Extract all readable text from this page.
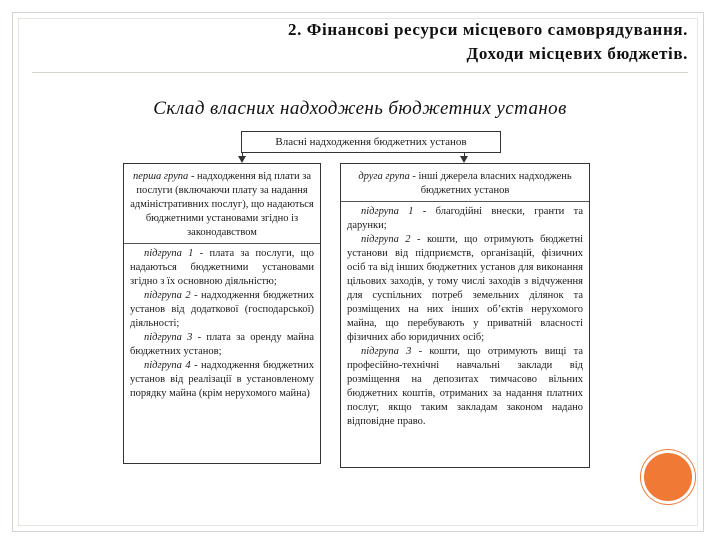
2. Фінансові ресурси місцевого самоврядування.
Доходи місцевих бюджетів.
Склад власних надходжень бюджетних установ
Власні надходження бюджетних установ
перша група - надходження від плати за послуги (включаючи плату за надання адміністративних послуг), що надаються бюджетними установами згідно із законодавством

підгрупа 1 - плата за послуги, що надаються бюджетними установами згідно з їх основною діяльністю;

підгрупа 2 - надходження бюджетних установ від додаткової (господарської) діяльності;

підгрупа 3 - плата за оренду майна бюджетних установ;

підгрупа 4 - надходження бюджетних установ від реалізації в установленому порядку майна (крім нерухомого майна)

друга група - інші джерела власних надходжень бюджетних установ

підгрупа 1 - благодійні внески, гранти та дарунки;

підгрупа 2 - кошти, що отримують бюджетні установи від підприємств, організацій, фізичних осіб та від інших бюджетних установ для виконання цільових заходів, у тому числі заходів з відчуження для суспільних потреб земельних ділянок та розміщених на них інших об’єктів нерухомого майна, що перебувають у приватній власності фізичних або юридичних осіб;

підгрупа 3 - кошти, що отримують вищі та професійно-технічні навчальні заклади від розміщення на депозитах тимчасово вільних бюджетних коштів, отриманих за надання платних послуг, якщо таким закладам законом надано відповідне право.
